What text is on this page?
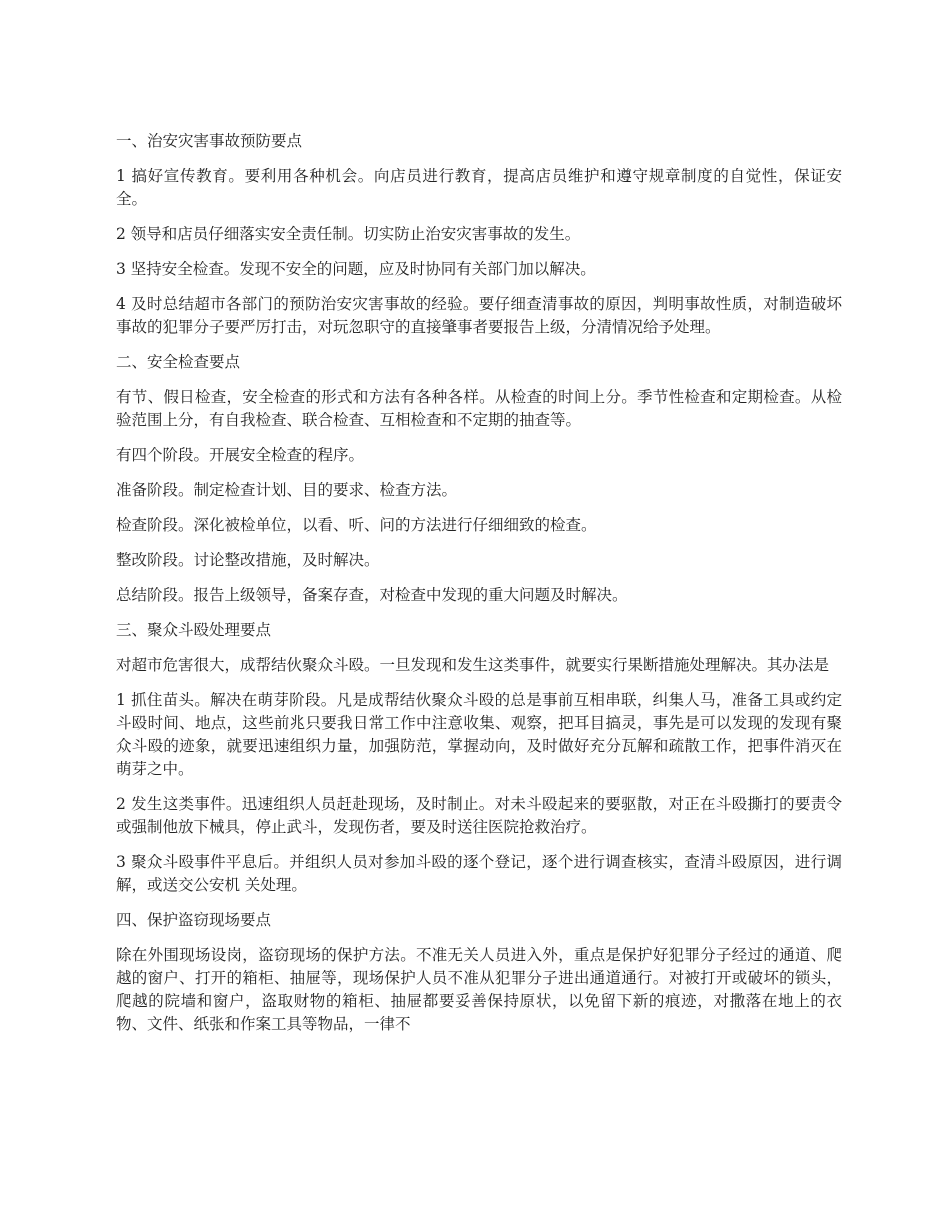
一、治安灾害事故预防要点

1 搞好宣传教育。要利用各种机会。向店员进行教育，提高店员维护和遵守规章制度的自觉性，保证安全。

2 领导和店员仔细落实安全责任制。切实防止治安灾害事故的发生。

3 坚持安全检查。发现不安全的问题，应及时协同有关部门加以解决。

4 及时总结超市各部门的预防治安灾害事故的经验。要仔细查清事故的原因，判明事故性质，对制造破坏事故的犯罪分子要严厉打击，对玩忽职守的直接肇事者要报告上级，分清情况给予处理。

二、安全检查要点

有节、假日检查，安全检查的形式和方法有各种各样。从检查的时间上分。季节性检查和定期检查。从检验范围上分，有自我检查、联合检查、互相检查和不定期的抽查等。

有四个阶段。开展安全检查的程序。

准备阶段。制定检查计划、目的要求、检查方法。

检查阶段。深化被检单位，以看、听、问的方法进行仔细细致的检查。

整改阶段。讨论整改措施，及时解决。

总结阶段。报告上级领导，备案存查，对检查中发现的重大问题及时解决。

三、聚众斗殴处理要点

对超市危害很大，成帮结伙聚众斗殴。一旦发现和发生这类事件，就要实行果断措施处理解决。其办法是

1 抓住苗头。解决在萌芽阶段。凡是成帮结伙聚众斗殴的总是事前互相串联，纠集人马，准备工具或约定斗殴时间、地点，这些前兆只要我日常工作中注意收集、观察，把耳目搞灵，事先是可以发现的发现有聚众斗殴的迹象，就要迅速组织力量，加强防范，掌握动向，及时做好充分瓦解和疏散工作，把事件消灭在萌芽之中。

2 发生这类事件。迅速组织人员赶赴现场，及时制止。对未斗殴起来的要驱散，对正在斗殴撕打的要责令或强制他放下械具，停止武斗，发现伤者，要及时送往医院抢救治疗。

3 聚众斗殴事件平息后。并组织人员对参加斗殴的逐个登记，逐个进行调查核实，查清斗殴原因，进行调解，或送交公安机 关处理。

四、保护盗窃现场要点

除在外围现场设岗，盗窃现场的保护方法。不准无关人员进入外，重点是保护好犯罪分子经过的通道、爬越的窗户、打开的箱柜、抽屉等，现场保护人员不准从犯罪分子进出通道通行。对被打开或破坏的锁头，爬越的院墙和窗户，盗取财物的箱柜、抽屉都要妥善保持原状，以免留下新的痕迹，对撒落在地上的衣物、文件、纸张和作案工具等物品，一律不
